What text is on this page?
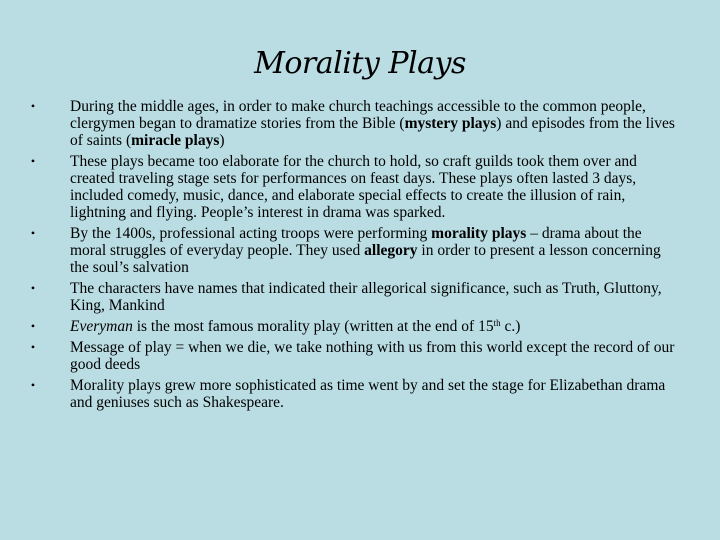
Morality Plays
• During the middle ages, in order to make church teachings accessible to the common people, clergymen began to dramatize stories from the Bible (mystery plays) and episodes from the lives of saints (miracle plays)
• These plays became too elaborate for the church to hold, so craft guilds took them over and created traveling stage sets for performances on feast days. These plays often lasted 3 days, included comedy, music, dance, and elaborate special effects to create the illusion of rain, lightning and flying. People’s interest in drama was sparked.
• By the 1400s, professional acting troops were performing morality plays – drama about the moral struggles of everyday people. They used allegory in order to present a lesson concerning the soul’s salvation
• The characters have names that indicated their allegorical significance, such as Truth, Gluttony, King, Mankind
• Everyman is the most famous morality play (written at the end of 15th c.)
• Message of play = when we die, we take nothing with us from this world except the record of our good deeds
• Morality plays grew more sophisticated as time went by and set the stage for Elizabethan drama and geniuses such as Shakespeare.
